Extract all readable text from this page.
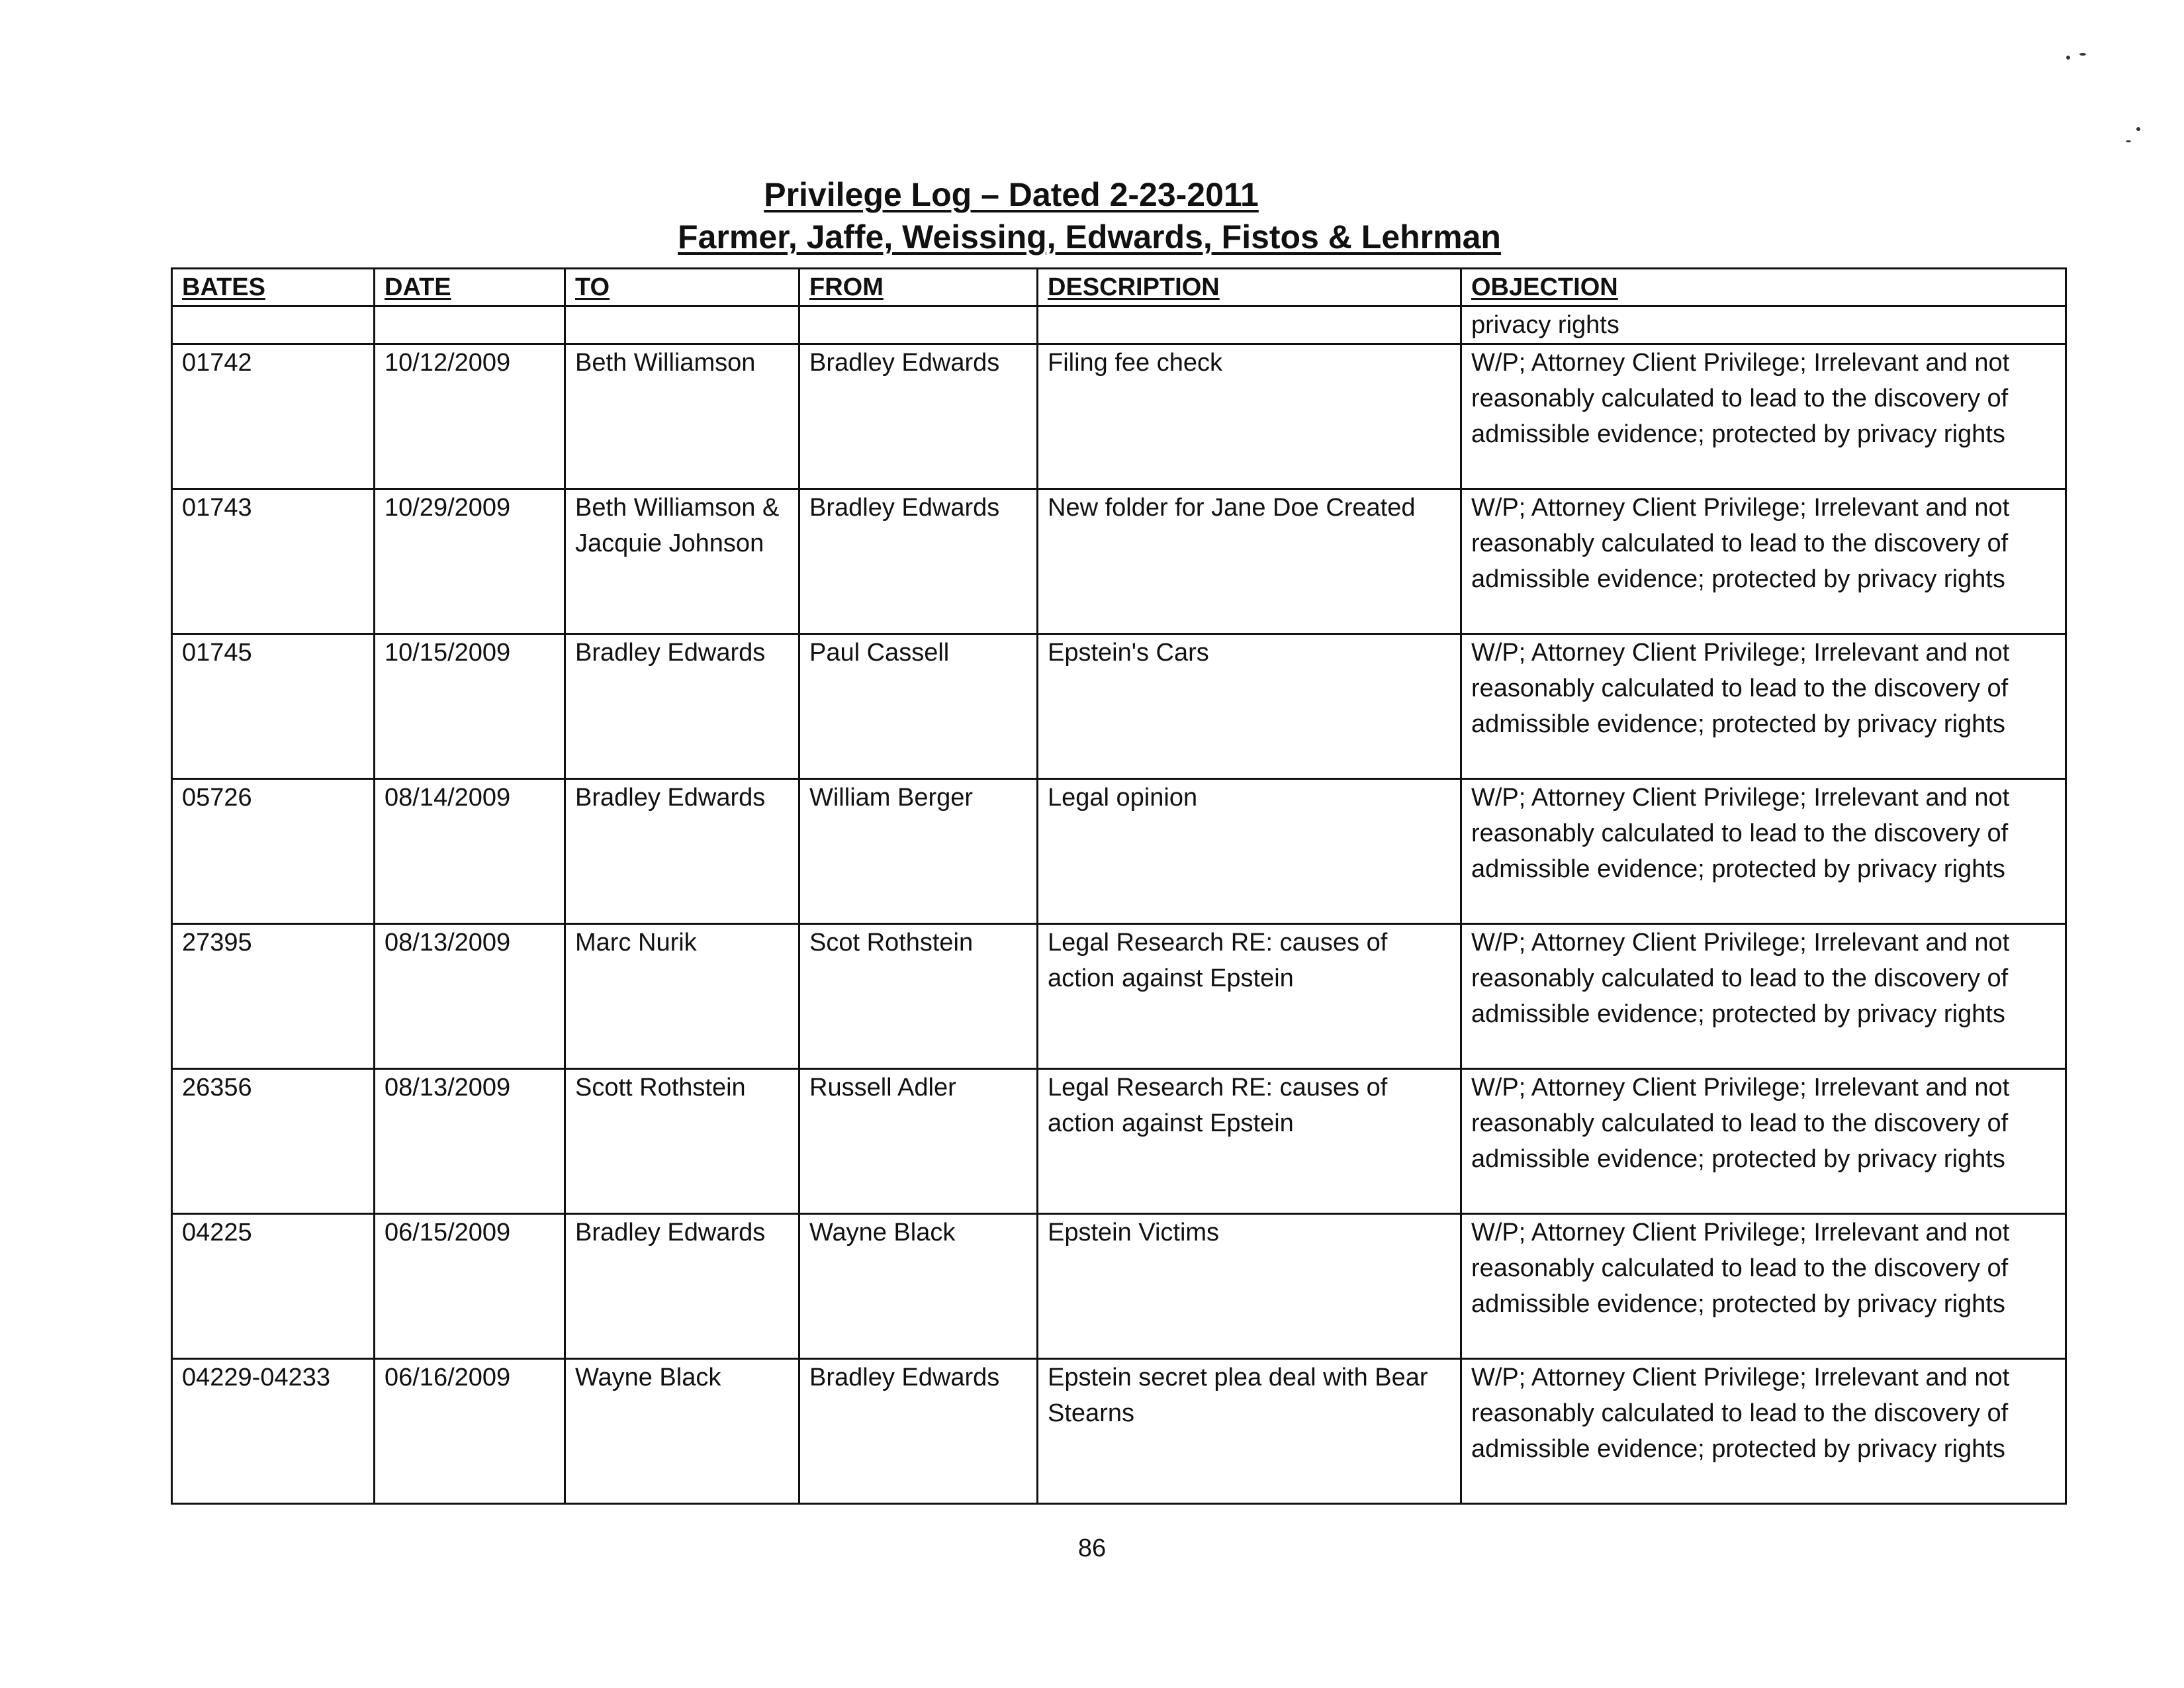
Privilege Log – Dated 2-23-2011
Farmer, Jaffe, Weissing, Edwards, Fistos & Lehrman
BATES	DATE	TO	FROM	DESCRIPTION	OBJECTION
					privacy rights
01742	10/12/2009	Beth Williamson	Bradley Edwards	Filing fee check	W/P; Attorney Client Privilege; Irrelevant and not reasonably calculated to lead to the discovery of admissible evidence; protected by privacy rights
01743	10/29/2009	Beth Williamson & Jacquie Johnson	Bradley Edwards	New folder for Jane Doe Created	W/P; Attorney Client Privilege; Irrelevant and not reasonably calculated to lead to the discovery of admissible evidence; protected by privacy rights
01745	10/15/2009	Bradley Edwards	Paul Cassell	Epstein's Cars	W/P; Attorney Client Privilege; Irrelevant and not reasonably calculated to lead to the discovery of admissible evidence; protected by privacy rights
05726	08/14/2009	Bradley Edwards	William Berger	Legal opinion	W/P; Attorney Client Privilege; Irrelevant and not reasonably calculated to lead to the discovery of admissible evidence; protected by privacy rights
27395	08/13/2009	Marc Nurik	Scot Rothstein	Legal Research RE: causes of action against Epstein	W/P; Attorney Client Privilege; Irrelevant and not reasonably calculated to lead to the discovery of admissible evidence; protected by privacy rights
26356	08/13/2009	Scott Rothstein	Russell Adler	Legal Research RE: causes of action against Epstein	W/P; Attorney Client Privilege; Irrelevant and not reasonably calculated to lead to the discovery of admissible evidence; protected by privacy rights
04225	06/15/2009	Bradley Edwards	Wayne Black	Epstein Victims	W/P; Attorney Client Privilege; Irrelevant and not reasonably calculated to lead to the discovery of admissible evidence; protected by privacy rights
04229-04233	06/16/2009	Wayne Black	Bradley Edwards	Epstein secret plea deal with Bear Stearns	W/P; Attorney Client Privilege; Irrelevant and not reasonably calculated to lead to the discovery of admissible evidence; protected by privacy rights
86
